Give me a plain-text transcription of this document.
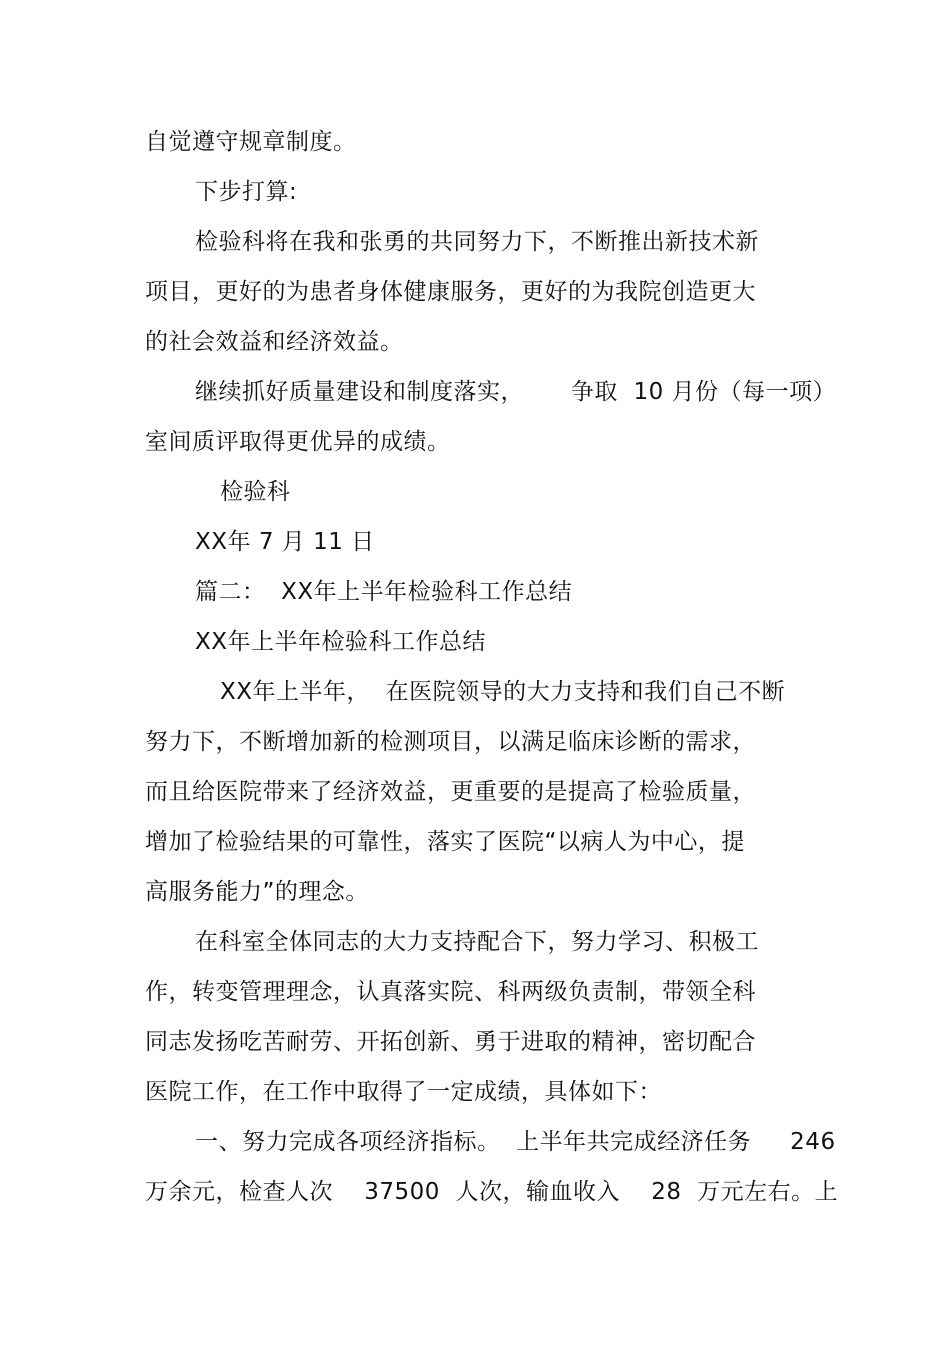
自觉遵守规章制度。

下步打算:

检验科将在我和张勇的共同努力下，不断推出新技术新

项目，更好的为患者身体健康服务，更好的为我院创造更大

的社会效益和经济效益。

继续抓好质量建设和制度落实，      争取  10 月份（每一项）

室间质评取得更优异的成绩。

检验科

XX年 7 月 11 日

篇二：  XX年上半年检验科工作总结

XX年上半年检验科工作总结

XX年上半年，  在医院领导的大力支持和我们自己不断

努力下，不断增加新的检测项目，以满足临床诊断的需求，

而且给医院带来了经济效益，更重要的是提高了检验质量，

增加了检验结果的可靠性，落实了医院“以病人为中心，提

高服务能力”的理念。

在科室全体同志的大力支持配合下，努力学习、积极工

作，转变管理理念，认真落实院、科两级负责制，带领全科

同志发扬吃苦耐劳、开拓创新、勇于进取的精神，密切配合

医院工作，在工作中取得了一定成绩，具体如下：

一、努力完成各项经济指标。  上半年共完成经济任务     246

万余元，检查人次    37500  人次，输血收入    28  万元左右。上
